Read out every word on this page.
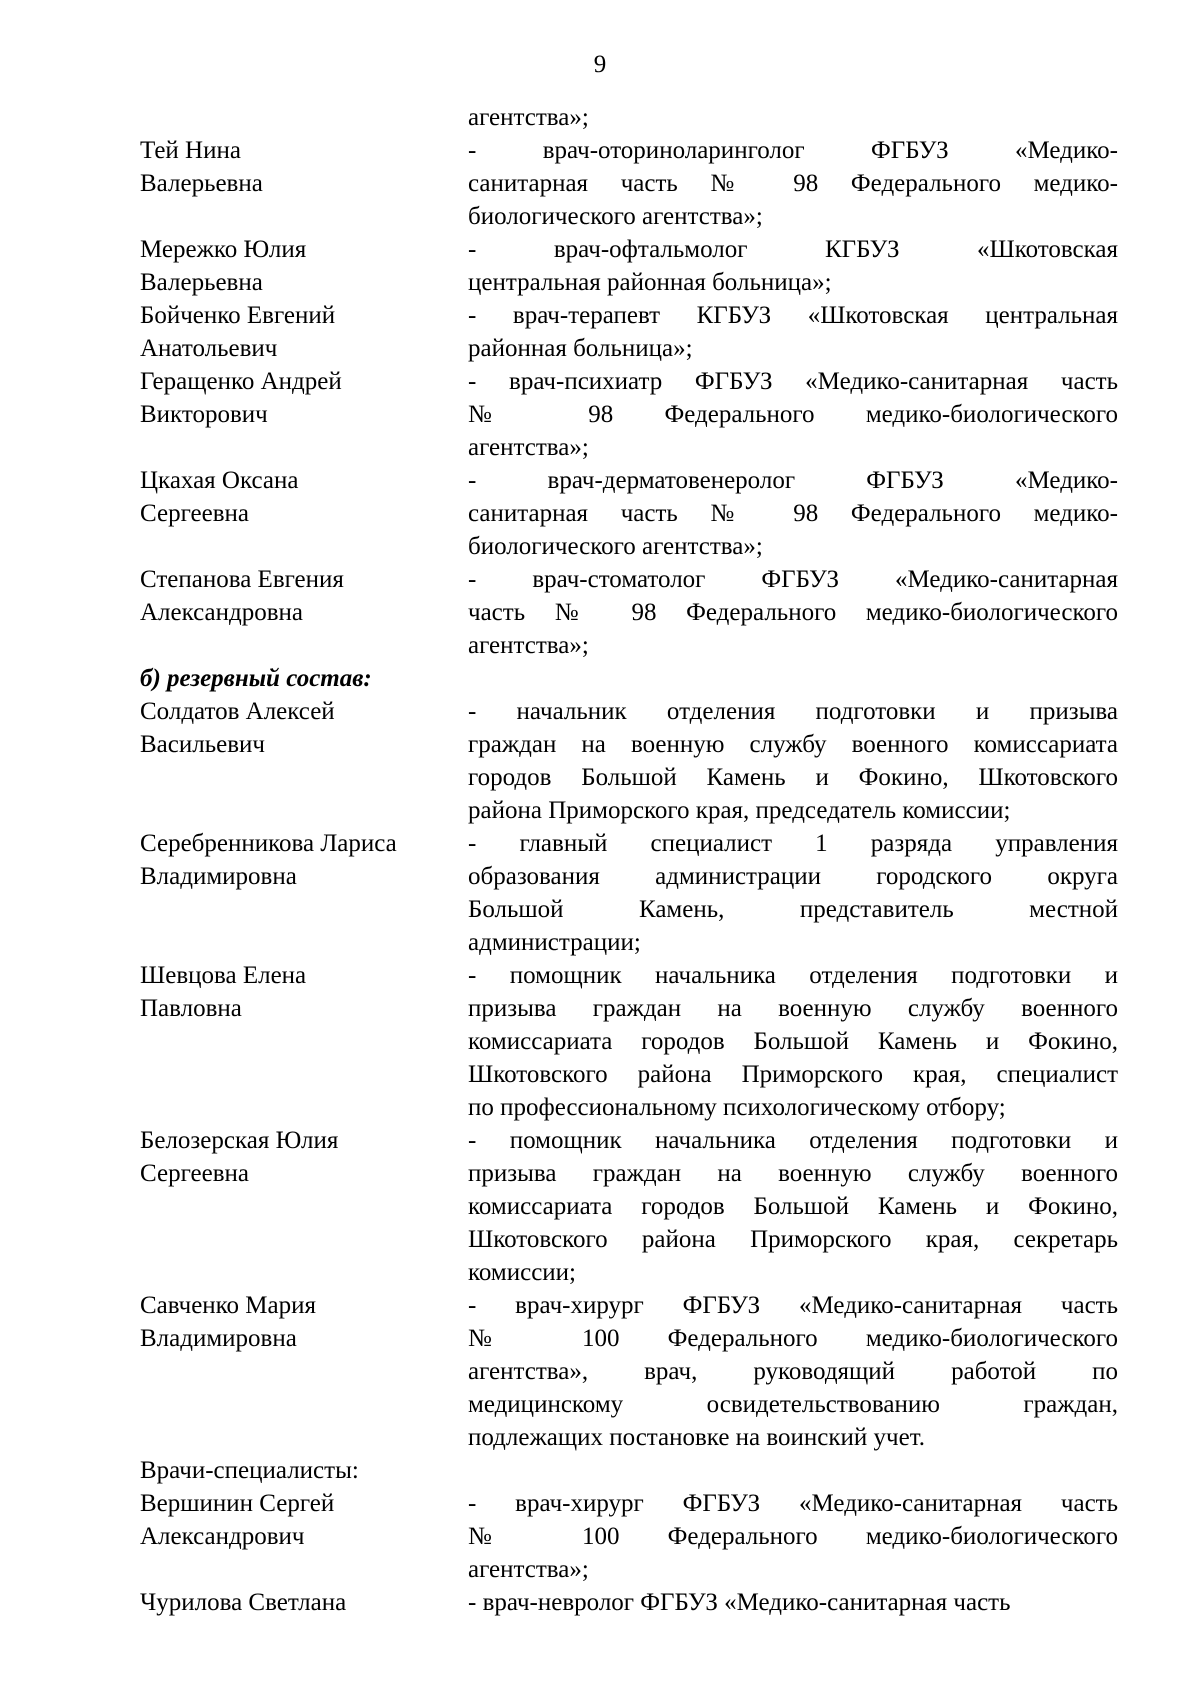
9
агентства»;
Тей Нина
Валерьевна
- врач-оториноларинголог ФГБУЗ «Медико-
санитарная часть № 98 Федерального медико-
биологического агентства»;
Мережко Юлия
Валерьевна
- врач-офтальмолог КГБУЗ «Шкотовская
центральная районная больница»;
Бойченко Евгений
Анатольевич
- врач-терапевт КГБУЗ «Шкотовская центральная
районная больница»;
Геращенко Андрей
Викторович
- врач-психиатр ФГБУЗ «Медико-санитарная часть
№ 98 Федерального медико-биологического
агентства»;
Цкахая Оксана
Сергеевна
- врач-дерматовенеролог ФГБУЗ «Медико-
санитарная часть № 98 Федерального медико-
биологического агентства»;
Степанова Евгения
Александровна
- врач-стоматолог ФГБУЗ «Медико-санитарная
часть № 98 Федерального медико-биологического
агентства»;
б) резервный состав:
Солдатов Алексей
Васильевич
- начальник отделения подготовки и призыва
граждан на военную службу военного комиссариата
городов Большой Камень и Фокино, Шкотовского
района Приморского края, председатель комиссии;
Серебренникова Лариса
Владимировна
- главный специалист 1 разряда управления
образования администрации городского округа
Большой Камень, представитель местной
администрации;
Шевцова Елена
Павловна
- помощник начальника отделения подготовки и
призыва граждан на военную службу военного
комиссариата городов Большой Камень и Фокино,
Шкотовского района Приморского края, специалист
по профессиональному психологическому отбору;
Белозерская Юлия
Сергеевна
- помощник начальника отделения подготовки и
призыва граждан на военную службу военного
комиссариата городов Большой Камень и Фокино,
Шкотовского района Приморского края, секретарь
комиссии;
Савченко Мария
Владимировна
- врач-хирург ФГБУЗ «Медико-санитарная часть
№ 100 Федерального медико-биологического
агентства», врач, руководящий работой по
медицинскому освидетельствованию граждан,
подлежащих постановке на воинский учет.
Врачи-специалисты:
Вершинин Сергей
Александрович
- врач-хирург ФГБУЗ «Медико-санитарная часть
№ 100 Федерального медико-биологического
агентства»;
Чурилова Светлана	- врач-невролог ФГБУЗ «Медико-санитарная часть
